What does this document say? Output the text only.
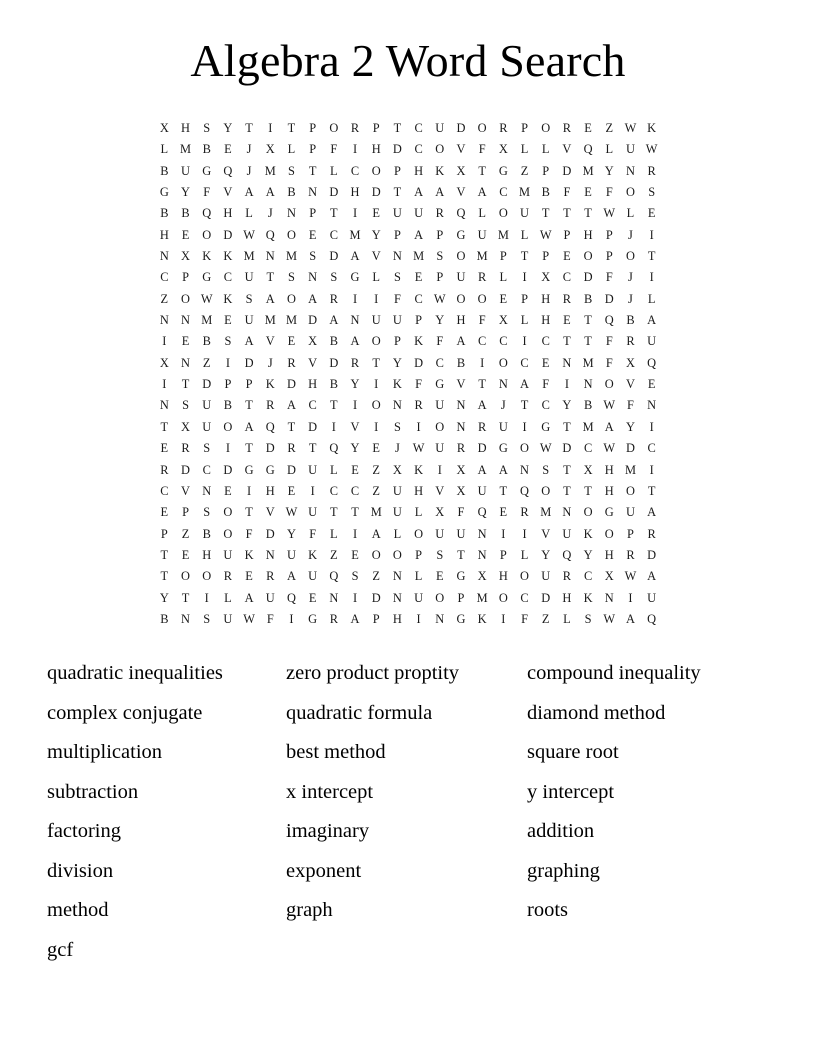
Algebra 2 Word Search
X	H	S	Y	T	I	T	P	O	R	P	T	C	U	D	O	R	P	O	R	E	Z	W	K
L	M	B	E	J	X	L	P	F	I	H	D	C	O	V	F	X	L	L	V	Q	L	U	W
B	U	G	Q	J	M	S	T	L	C	O	P	H	K	X	T	G	Z	P	D	M	Y	N	R
G	Y	F	V	A	A	B	N	D	H	D	T	A	A	V	A	C	M	B	F	E	F	O	S
B	B	Q	H	L	J	N	P	T	I	E	U	U	R	Q	L	O	U	T	T	T	W	L	E
H	E	O	D	W	Q	O	E	C	M	Y	P	A	P	G	U	M	L	W	P	H	P	J	I
N	X	K	K	M	N	M	S	D	A	V	N	M	S	O	M	P	T	P	E	O	P	O	T
C	P	G	C	U	T	S	N	S	G	L	S	E	P	U	R	L	I	X	C	D	F	J	I
Z	O	W	K	S	A	O	A	R	I	I	F	C	W	O	O	E	P	H	R	B	D	J	L
N	N	M	E	U	M	M	D	A	N	U	U	P	Y	H	F	X	L	H	E	T	Q	B	A
I	E	B	S	A	V	E	X	B	A	O	P	K	F	A	C	C	I	C	T	T	F	R	U
X	N	Z	I	D	J	R	V	D	R	T	Y	D	C	B	I	O	C	E	N	M	F	X	Q
I	T	D	P	P	K	D	H	B	Y	I	K	F	G	V	T	N	A	F	I	N	O	V	E
N	S	U	B	T	R	A	C	T	I	O	N	R	U	N	A	J	T	C	Y	B	W	F	N
T	X	U	O	A	Q	T	D	I	V	I	S	I	O	N	R	U	I	G	T	M	A	Y	I
E	R	S	I	T	D	R	T	Q	Y	E	J	W	U	R	D	G	O	W	D	C	W	D	C
R	D	C	D	G	G	D	U	L	E	Z	X	K	I	X	A	A	N	S	T	X	H	M	I
C	V	N	E	I	H	E	I	C	C	Z	U	H	V	X	U	T	Q	O	T	T	H	O	T
E	P	S	O	T	V	W	U	T	T	M	U	L	X	F	Q	E	R	M	N	O	G	U	A
P	Z	B	O	F	D	Y	F	L	I	A	L	O	U	U	N	I	I	V	U	K	O	P	R
T	E	H	U	K	N	U	K	Z	E	O	O	P	S	T	N	P	L	Y	Q	Y	H	R	D
T	O	O	R	E	R	A	U	Q	S	Z	N	L	E	G	X	H	O	U	R	C	X	W	A
Y	T	I	L	A	U	Q	E	N	I	D	N	U	O	P	M	O	C	D	H	K	N	I	U
B	N	S	U	W	F	I	G	R	A	P	H	I	N	G	K	I	F	Z	L	S	W	A	Q
quadratic inequalities	zero product proptity	compound inequality
complex conjugate	quadratic formula	diamond method
multiplication	best method	square root
subtraction	x intercept	y intercept
factoring	imaginary	addition
division	exponent	graphing
method	graph	roots
gcf		
